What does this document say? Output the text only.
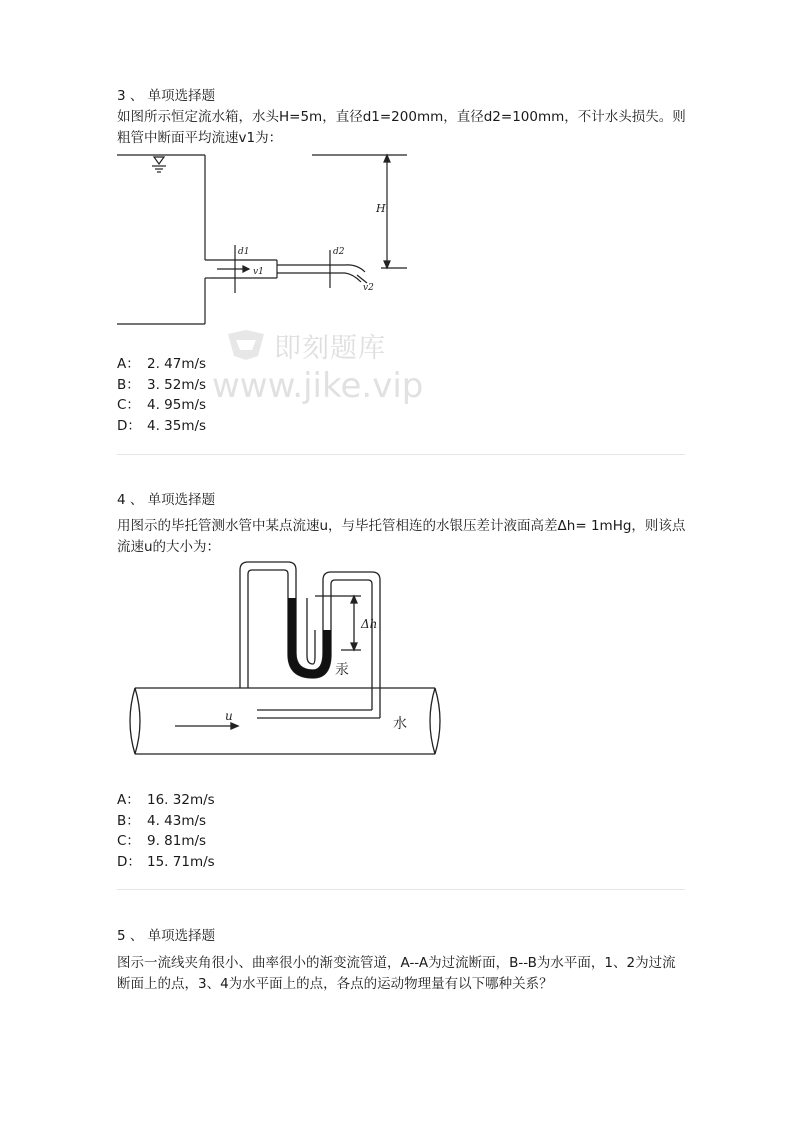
3 、 单项选择题
如图所示恒定流水箱，水头H=5m，直径d1=200mm，直径d2=100mm，不计水头损失。则粗管中断面平均流速v1为：
H
d1	d2
v1
v2
即刻题库
www.jike.vip
A： 2. 47m/s
B： 3. 52m/s
C： 4. 95m/s
D： 4. 35m/s
4 、 单项选择题
用图示的毕托管测水管中某点流速u，与毕托管相连的水银压差计液面高差Δh= 1mHg，则该点流速u的大小为：
Δh
汞
u	水
A： 16. 32m/s
B： 4. 43m/s
C： 9. 81m/s
D： 15. 71m/s
5 、 单项选择题
图示一流线夹角很小、曲率很小的渐变流管道，A--A为过流断面，B--B为水平面，1、2为过流断面上的点，3、4为水平面上的点，各点的运动物理量有以下哪种关系？
